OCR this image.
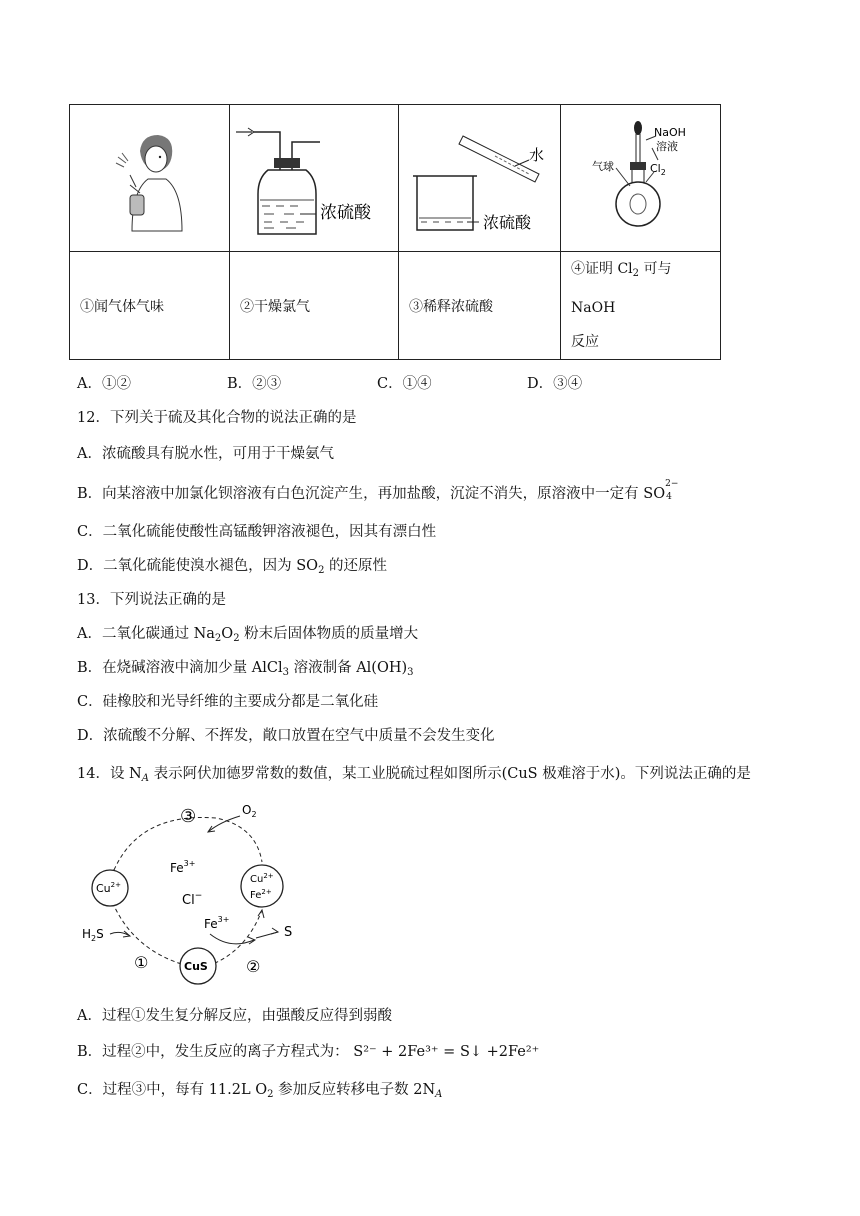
浓硫酸	水
浓硫酸	NaOH
溶液
气球 $Cl_2$

①闻气体气味	②干燥氯气	③稀释浓硫酸	④证明 $Cl_2$ 可与 NaOH
反应
A．①②	B．②③	C．①④	D．③④
12．下列关于硫及其化合物的说法正确的是
A．浓硫酸具有脱水性，可用于干燥氨气
B．向某溶液中加氯化钡溶液有白色沉淀产生，再加盐酸，沉淀不消失，原溶液中一定有 SO
2−
4
C．二氧化硫能使酸性高锰酸钾溶液褪色，因其有漂白性
D．二氧化硫能使溴水褪色，因为 $SO_2$ 的还原性
13．下列说法正确的是
A．二氧化碳通过 $Na_2O_2$ 粉末后固体物质的质量增大
B．在烧碱溶液中滴加少量 AlCl$_3$ 溶液制备 $Al(OH)_3$
C．硅橡胶和光导纤维的主要成分都是二氧化硅
D．浓硫酸不分解、不挥发，敞口放置在空气中质量不会发生变化
14．设 $N_A$ 表示阿伏加德罗常数的数值，某工业脱硫过程如图所示(CuS 极难溶于水)。下列说法正确的是
$O_2$
③
①	②
$Fe^{3+}$
Cl−
$Cu^{2+}$	$Cu^{2+}$
$Fe^{2+}$
$Fe^{3+}$
S
$H_2S$
CuS
A．过程①发生复分解反应，由强酸反应得到弱酸
B．过程②中，发生反应的离子方程式为： S²⁻ + 2Fe³⁺ = S↓ +2Fe²⁺
C．过程③中，每有 11.2L $O_2$ 参加反应转移电子数 $2N_A$
